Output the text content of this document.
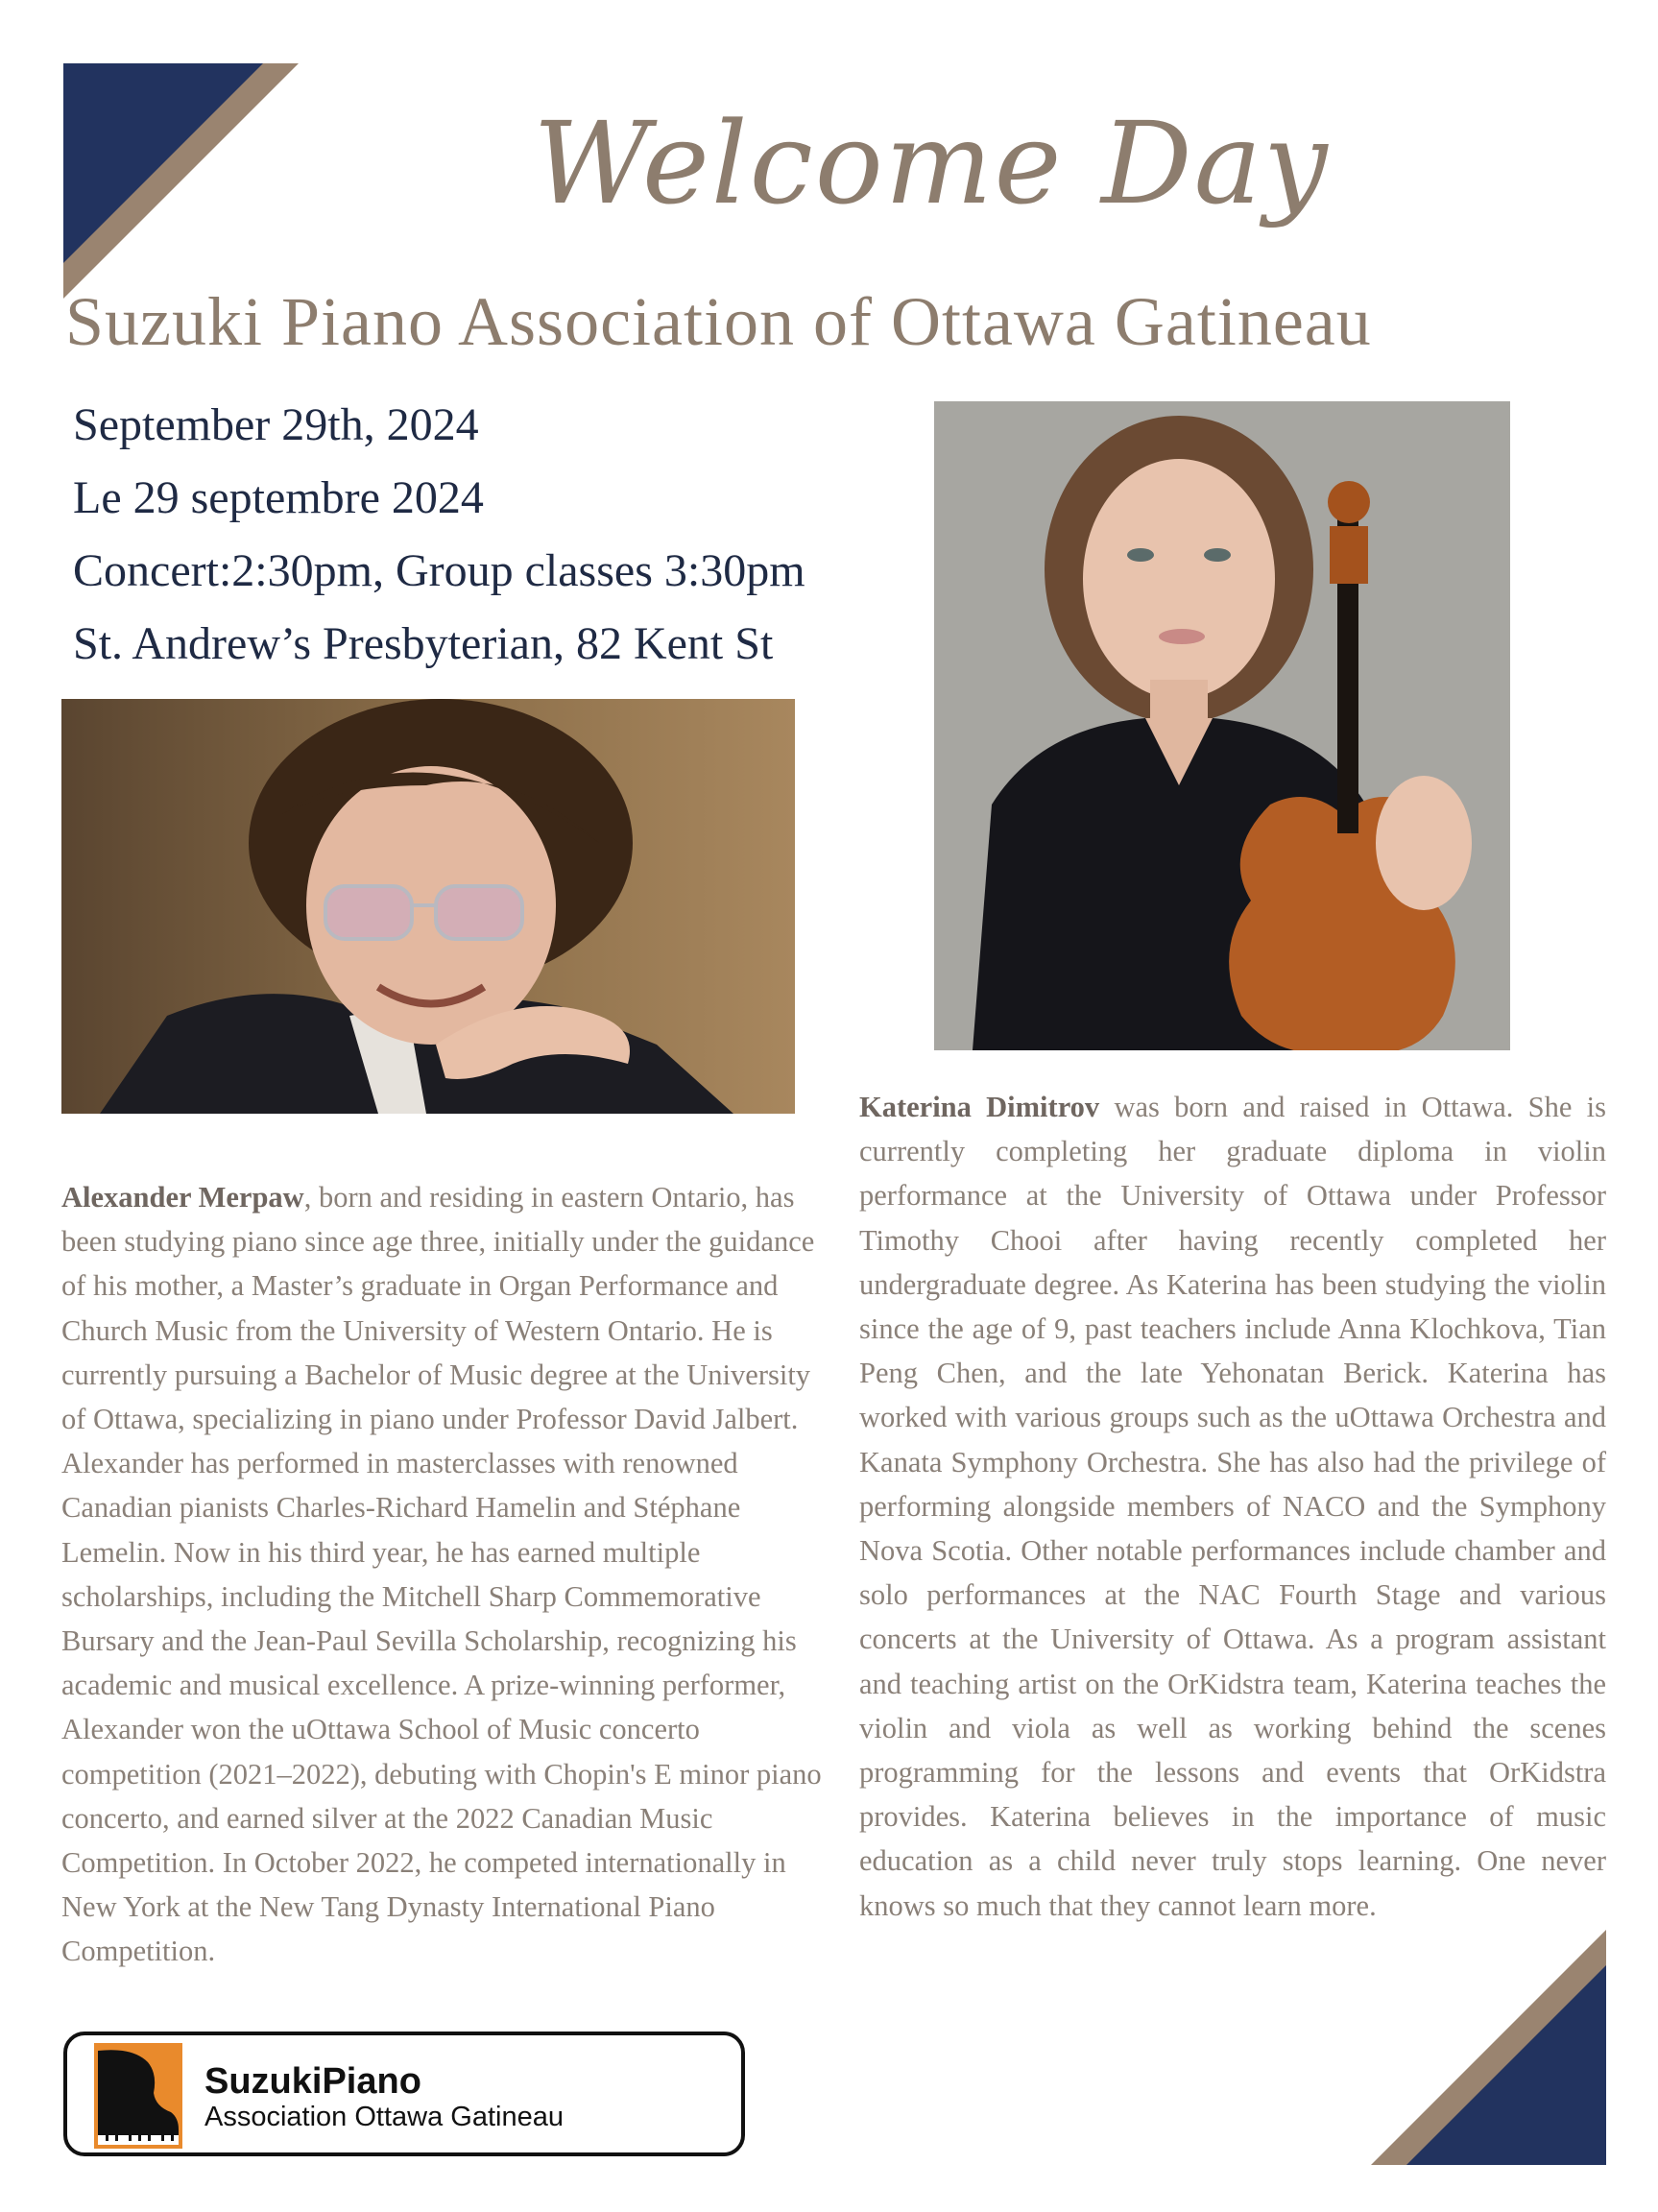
Welcome Day
Suzuki Piano Association of Ottawa Gatineau
September 29th, 2024
Le 29 septembre 2024
Concert:2:30pm, Group classes 3:30pm
St. Andrew’s Presbyterian, 82 Kent St
Alexander Merpaw, born and residing in eastern Ontario, has been studying piano since age three, initially under the guidance of his mother, a Master’s graduate in Organ Performance and Church Music from the University of Western Ontario. He is currently pursuing a Bachelor of Music degree at the University of Ottawa, specializing in piano under Professor David Jalbert. Alexander has performed in masterclasses with renowned Canadian pianists Charles-Richard Hamelin and Stéphane Lemelin. Now in his third year, he has earned multiple scholarships, including the Mitchell Sharp Commemorative Bursary and the Jean-Paul Sevilla Scholarship, recognizing his academic and musical excellence. A prize-winning performer, Alexander won the uOttawa School of Music concerto competition (2021–2022), debuting with Chopin's E minor piano concerto, and earned silver at the 2022 Canadian Music Competition. In October 2022, he competed internationally in New York at the New Tang Dynasty International Piano Competition.
Katerina Dimitrov was born and raised in Ottawa. She is currently completing her graduate diploma in violin performance at the University of Ottawa under Professor Timothy Chooi after having recently completed her undergraduate degree. As Katerina has been studying the violin since the age of 9, past teachers include Anna Klochkova, Tian Peng Chen, and the late Yehonatan Berick. Katerina has worked with various groups such as the uOttawa Orchestra and Kanata Symphony Orchestra. She has also had the privilege of performing alongside members of NACO and the Symphony Nova Scotia. Other notable performances include chamber and solo performances at the NAC Fourth Stage and various concerts at the University of Ottawa. As a program assistant and teaching artist on the OrKidstra team, Katerina teaches the violin and viola as well as working behind the scenes programming for the lessons and events that OrKidstra provides. Katerina believes in the importance of music education as a child never truly stops learning. One never knows so much that they cannot learn more.
SuzukiPiano
Association Ottawa Gatineau
